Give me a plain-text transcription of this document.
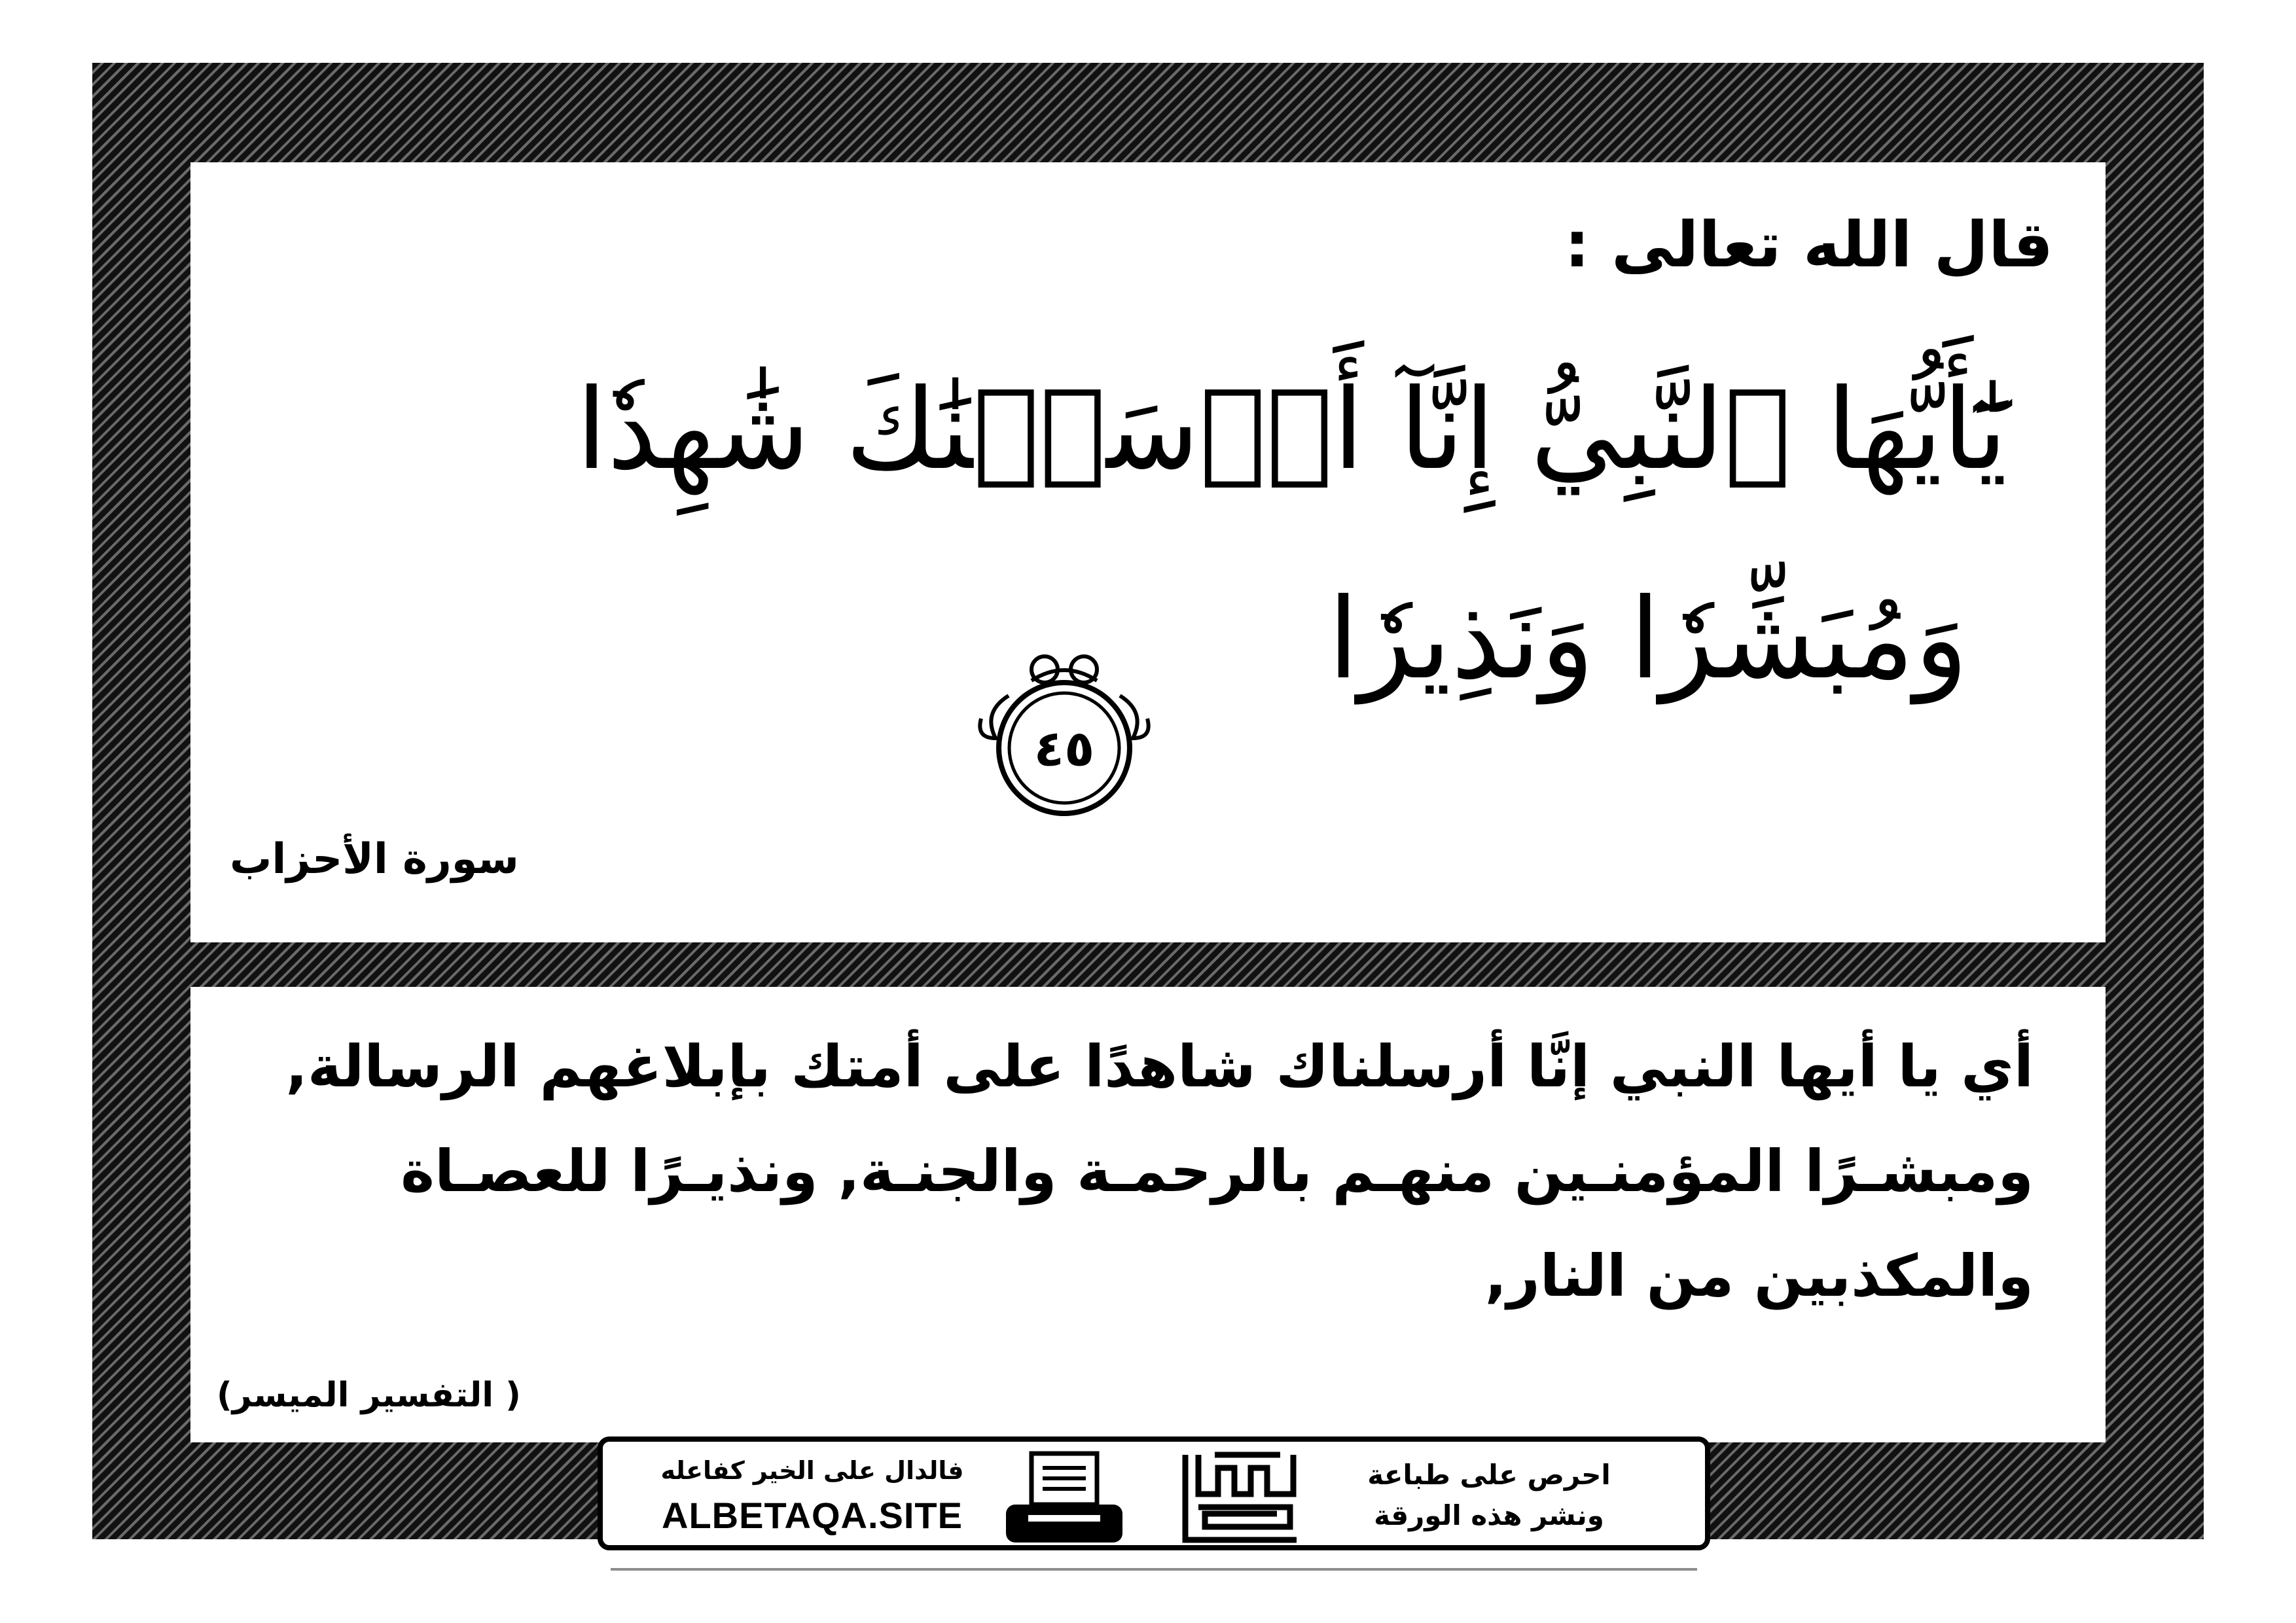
قال الله تعالى :
يَٰٓأَيُّهَا ٱلنَّبِيُّ إِنَّآ أَرۡسَلۡنَٰكَ شَٰهِدٗا
وَمُبَشِّرٗا وَنَذِيرٗا
٤٥
سورة الأحزاب
أي يا أيها النبي إنَّا أرسلناك شاهدًا على أمتك بإبلاغهم الرسالة,
ومبشـرًا المؤمنـين منهـم بالرحمـة والجنـة, ونذيـرًا للعصـاة
والمكذبين من النار,
( التفسير الميسر)
فالدال على الخير كفاعله
ALBETAQA.SITE
احرص على طباعة
ونشر هذه الورقة
